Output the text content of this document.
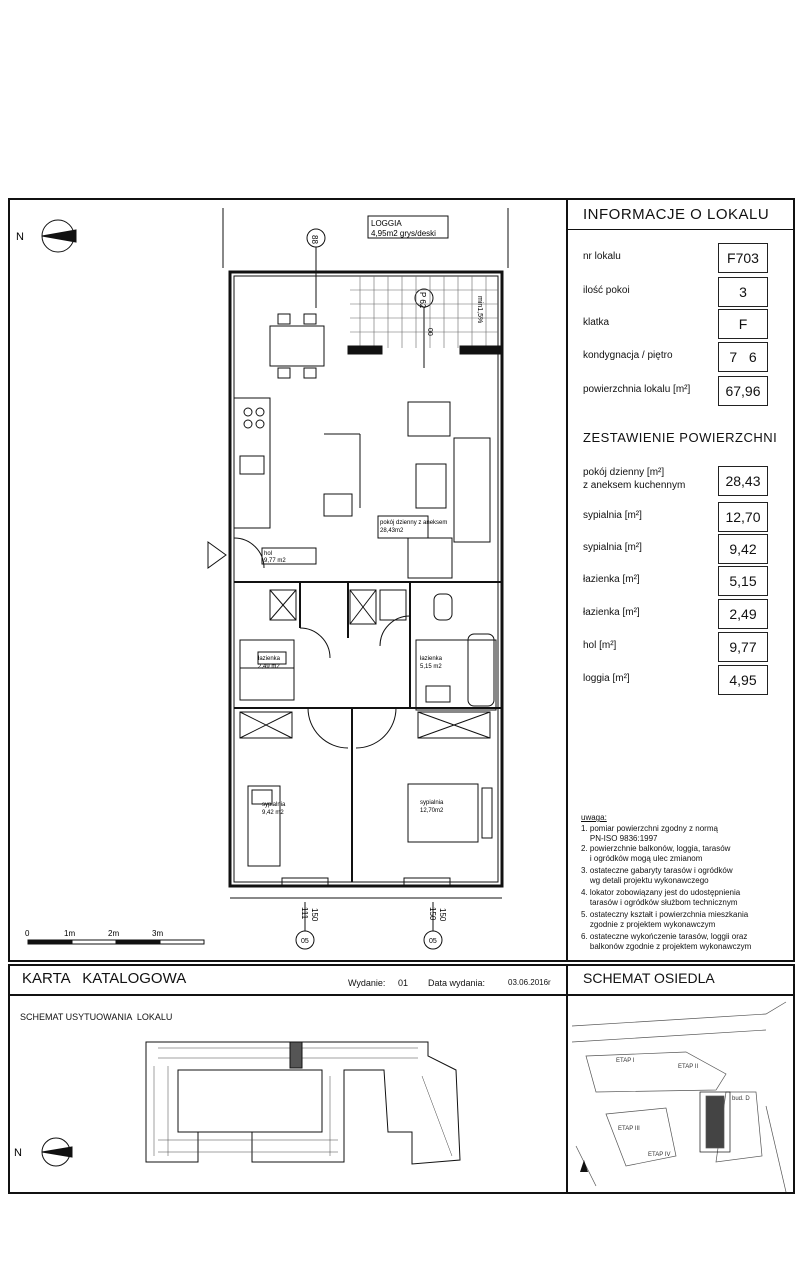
INFORMACJE O LOKALU
nr lokalu	F703
ilość pokoi	3
klatka	F
kondygnacja / piętro	7   6
powierzchnia lokalu [m²]	67,96
ZESTAWIENIE POWIERZCHNI
pokój dzienny [m²]
z aneksem kuchennym	28,43
sypialnia [m²]	12,70
sypialnia [m²]	9,42
łazienka [m²]	5,15
łazienka [m²]	2,49
hol [m²]	9,77
loggia [m²]	4,95
uwaga:
1. pomiar powierzchni zgodny z normą
PN-ISO 9836:1997
2. powierzchnie balkonów, loggia, tarasów
i ogródków mogą ulec zmianom
3. ostateczne gabaryty tarasów i ogródków
wg detali projektu wykonawczego
4. lokator zobowiązany jest do udostępnienia
tarasów i ogródków służbom technicznym
5. ostateczny kształt i powierzchnia mieszkania
zgodnie z projektem wykonawczym
6. ostateczne wykończenie tarasów, loggii oraz
balkonów zgodnie z projektem wykonawczym
LOGGIA
4,95m2 grys/deski
88
P 62
00
min1,5%
pokój dzienny z aneksem
28,43m2
hol
9,77 m2
łazienka
2,49 m2
łazienka
5,15 m2
sypialnia
9,42 m2
sypialnia
12,70m2
111 150	150 150
05	05
0	1m	2m	3m
N
KARTA   KATALOGOWA	Wydanie: 01 Data wydania:	03.06.2016r
SCHEMAT USYTUOWANIA  LOKALU
N
SCHEMAT OSIEDLA
ETAP I
ETAP II
ETAP III
ETAP IV
bud. D
